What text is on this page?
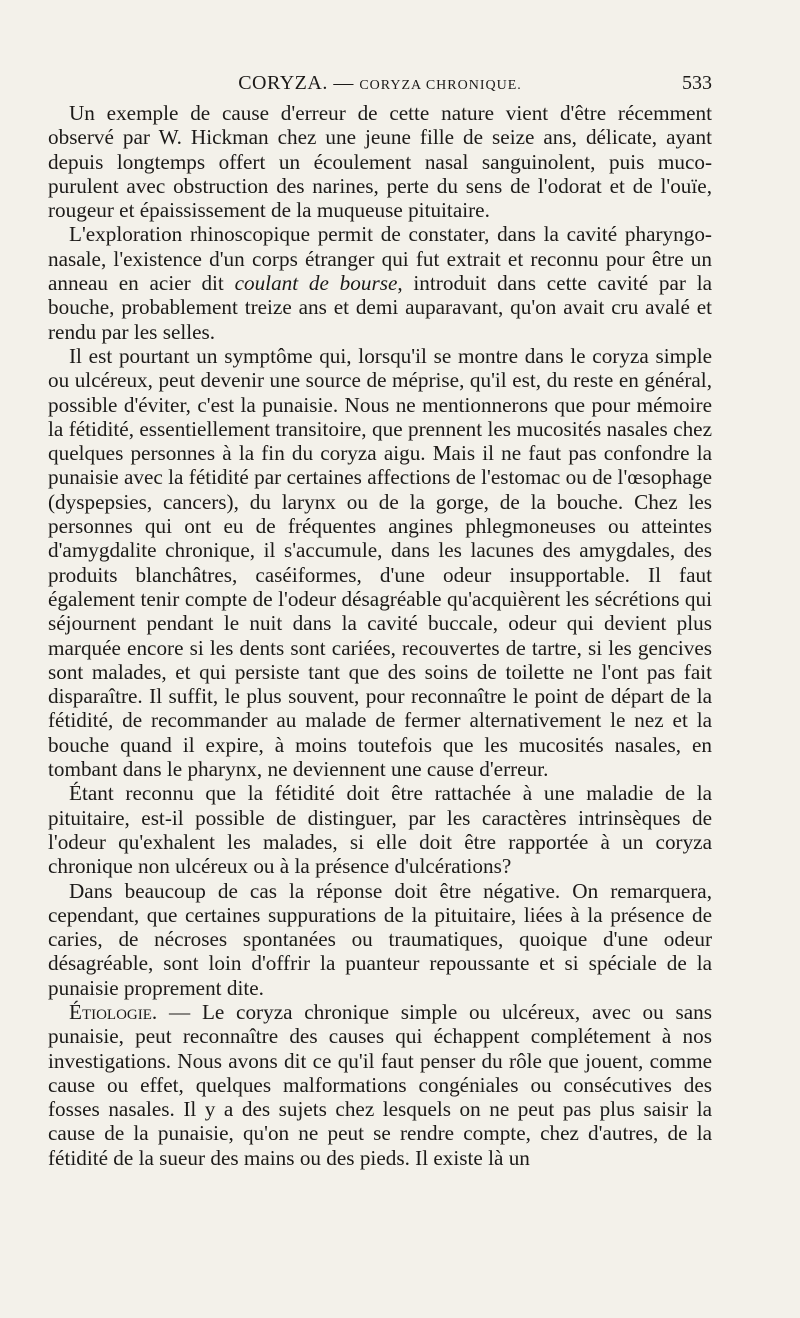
CORYZA. — CORYZA CHRONIQUE.	533

Un exemple de cause d'erreur de cette nature vient d'être récemment observé par W. Hickman chez une jeune fille de seize ans, délicate, ayant depuis longtemps offert un écoulement nasal sanguinolent, puis muco-purulent avec obstruction des narines, perte du sens de l'odorat et de l'ouïe, rougeur et épaississement de la muqueuse pituitaire.

L'exploration rhinoscopique permit de constater, dans la cavité pharyngo-nasale, l'existence d'un corps étranger qui fut extrait et reconnu pour être un anneau en acier dit coulant de bourse, introduit dans cette cavité par la bouche, probablement treize ans et demi auparavant, qu'on avait cru avalé et rendu par les selles.

Il est pourtant un symptôme qui, lorsqu'il se montre dans le coryza simple ou ulcéreux, peut devenir une source de méprise, qu'il est, du reste en général, possible d'éviter, c'est la punaisie. Nous ne mentionnerons que pour mémoire la fétidité, essentiellement transitoire, que prennent les mucosités nasales chez quelques personnes à la fin du coryza aigu. Mais il ne faut pas confondre la punaisie avec la fétidité par certaines affections de l'estomac ou de l'œsophage (dyspepsies, cancers), du larynx ou de la gorge, de la bouche. Chez les personnes qui ont eu de fréquentes angines phlegmoneuses ou atteintes d'amygdalite chronique, il s'accumule, dans les lacunes des amygdales, des produits blanchâtres, caséiformes, d'une odeur insupportable. Il faut également tenir compte de l'odeur désagréable qu'acquièrent les sécrétions qui séjournent pendant le nuit dans la cavité buccale, odeur qui devient plus marquée encore si les dents sont cariées, recouvertes de tartre, si les gencives sont malades, et qui persiste tant que des soins de toilette ne l'ont pas fait disparaître. Il suffit, le plus souvent, pour reconnaître le point de départ de la fétidité, de recommander au malade de fermer alternativement le nez et la bouche quand il expire, à moins toutefois que les mucosités nasales, en tombant dans le pharynx, ne deviennent une cause d'erreur.

Étant reconnu que la fétidité doit être rattachée à une maladie de la pituitaire, est-il possible de distinguer, par les caractères intrinsèques de l'odeur qu'exhalent les malades, si elle doit être rapportée à un coryza chronique non ulcéreux ou à la présence d'ulcérations?

Dans beaucoup de cas la réponse doit être négative. On remarquera, cependant, que certaines suppurations de la pituitaire, liées à la présence de caries, de nécroses spontanées ou traumatiques, quoique d'une odeur désagréable, sont loin d'offrir la puanteur repoussante et si spéciale de la punaisie proprement dite.

Étiologie. — Le coryza chronique simple ou ulcéreux, avec ou sans punaisie, peut reconnaître des causes qui échappent complétement à nos investigations. Nous avons dit ce qu'il faut penser du rôle que jouent, comme cause ou effet, quelques malformations congéniales ou consécutives des fosses nasales. Il y a des sujets chez lesquels on ne peut pas plus saisir la cause de la punaisie, qu'on ne peut se rendre compte, chez d'autres, de la fétidité de la sueur des mains ou des pieds. Il existe là un
